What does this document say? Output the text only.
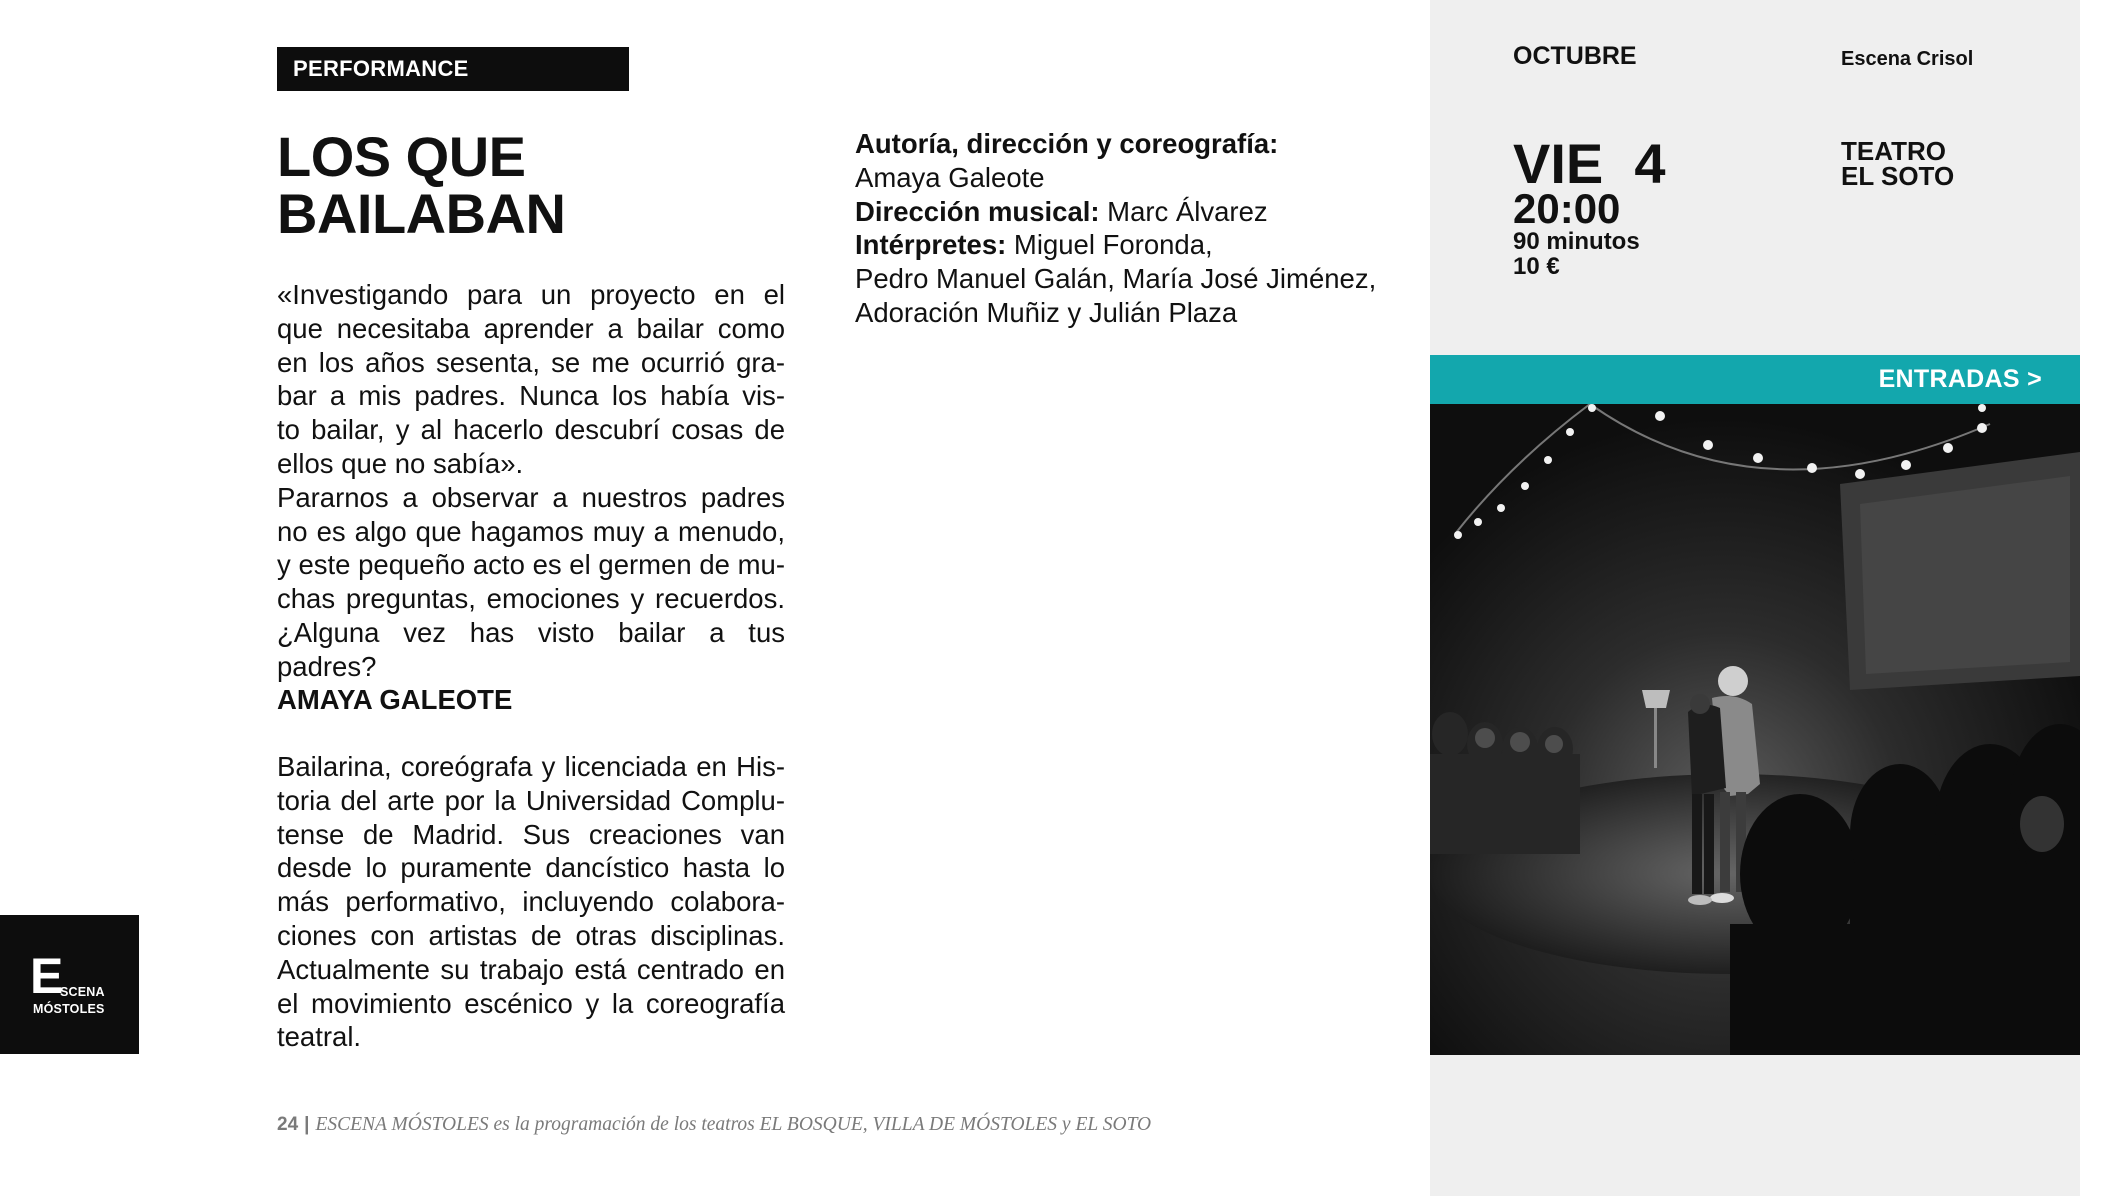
PERFORMANCE
LOS QUE
BAILABAN
«Investigando para un proyecto en el
que necesitaba aprender a bailar como
en los años sesenta, se me ocurrió gra-
bar a mis padres. Nunca los había vis-
to bailar, y al hacerlo descubrí cosas de
ellos que no sabía».
Pararnos a observar a nuestros padres
no es algo que hagamos muy a menudo,
y este pequeño acto es el germen de mu-
chas preguntas, emociones y recuerdos.
¿Alguna vez has visto bailar a tus padres?
AMAYA GALEOTE
Bailarina, coreógrafa y licenciada en His-
toria del arte por la Universidad Complu-
tense de Madrid. Sus creaciones van
desde lo puramente dancístico hasta lo
más performativo, incluyendo colabora-
ciones con artistas de otras disciplinas.
Actualmente su trabajo está centrado en
el movimiento escénico y la coreografía
teatral.
Autoría, dirección y coreografía:
Amaya Galeote
Dirección musical: Marc Álvarez
Intérpretes: Miguel Foronda,
Pedro Manuel Galán, María José Jiménez,
Adoración Muñiz y Julián Plaza
24 | ESCENA MÓSTOLES es la programación de los teatros EL BOSQUE, VILLA DE MÓSTOLES y EL SOTO
E
SCENA
MÓSTOLES
OCTUBRE	Escena Crisol
VIE  4
20:00
90 minutos
10 €
TEATRO
EL SOTO
ENTRADAS >
